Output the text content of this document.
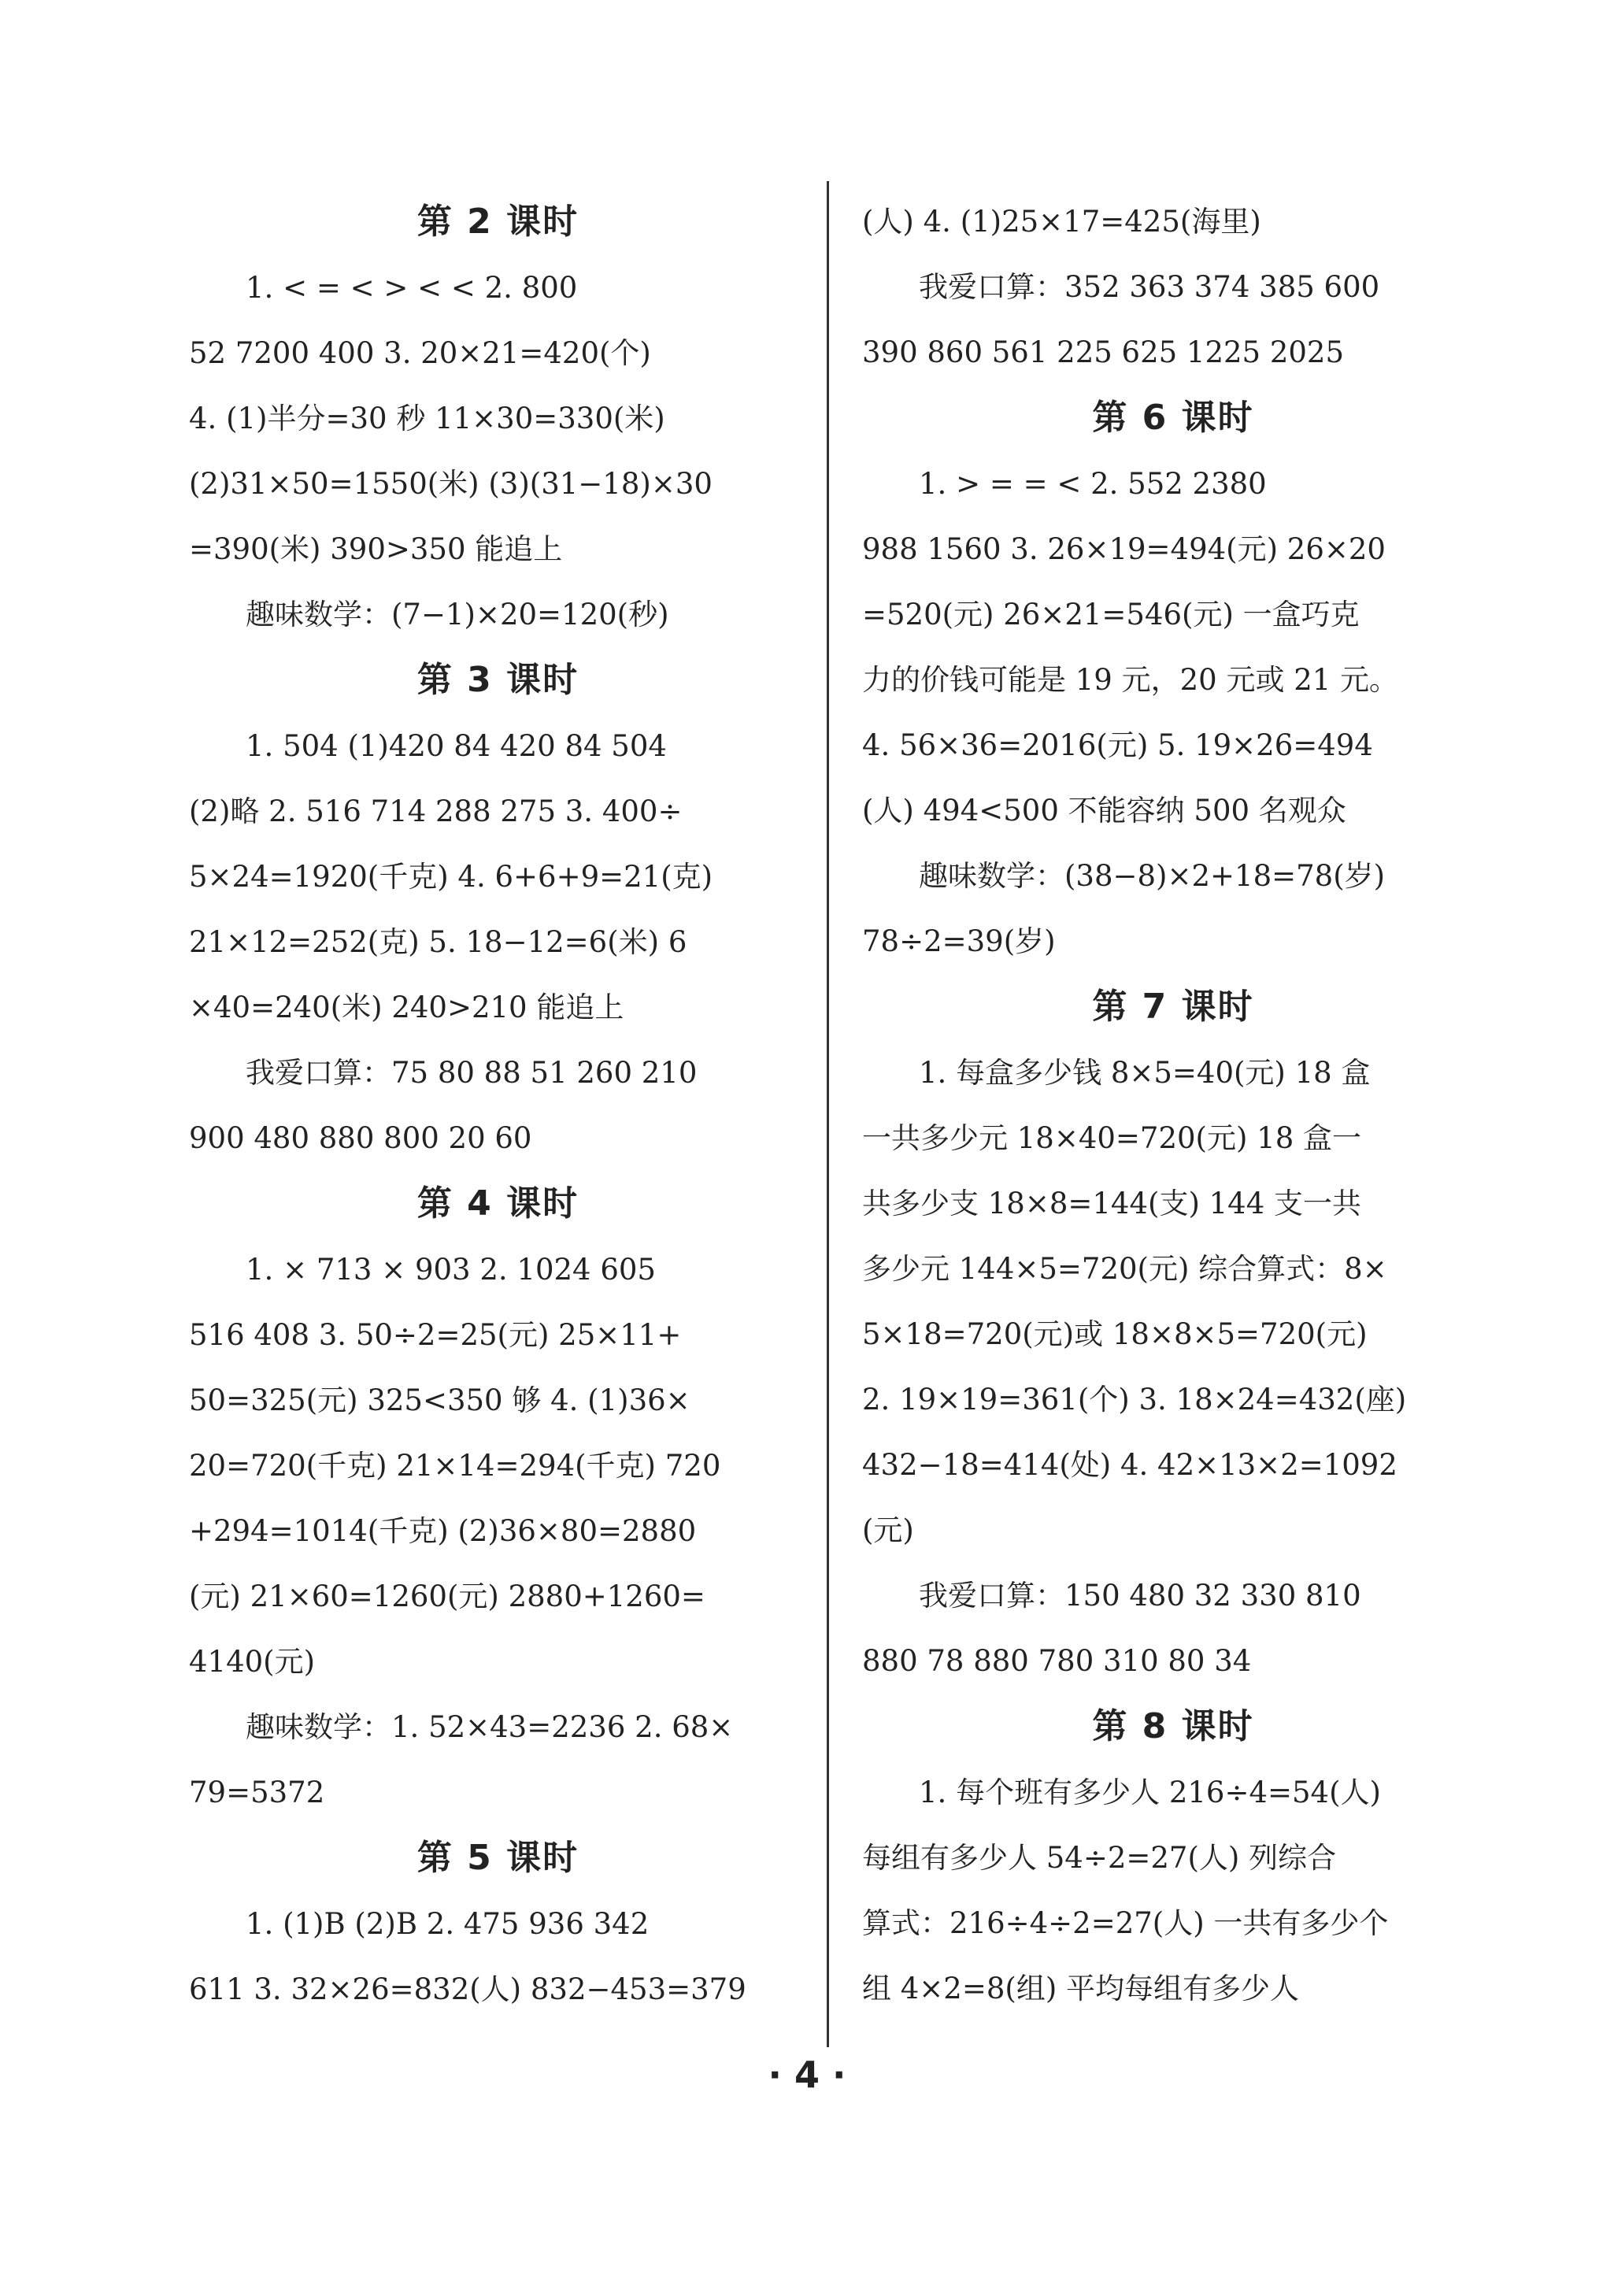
第 2 课时
1. < = < > < < 2. 800
52 7200 400 3. 20×21=420(个)
4. (1)半分=30 秒 11×30=330(米)
(2)31×50=1550(米) (3)(31−18)×30
=390(米) 390>350 能追上
趣味数学：(7−1)×20=120(秒)
第 3 课时
1. 504 (1)420 84 420 84 504
(2)略 2. 516 714 288 275 3. 400÷
5×24=1920(千克) 4. 6+6+9=21(克)
21×12=252(克) 5. 18−12=6(米) 6
×40=240(米) 240>210 能追上
我爱口算：75 80 88 51 260 210
900 480 880 800 20 60
第 4 课时
1. × 713 × 903 2. 1024 605
516 408 3. 50÷2=25(元) 25×11+
50=325(元) 325<350 够 4. (1)36×
20=720(千克) 21×14=294(千克) 720
+294=1014(千克) (2)36×80=2880
(元) 21×60=1260(元) 2880+1260=
4140(元)
趣味数学：1. 52×43=2236 2. 68×
79=5372
第 5 课时
1. (1)B (2)B 2. 475 936 342
611 3. 32×26=832(人) 832−453=379
(人) 4. (1)25×17=425(海里)
我爱口算：352 363 374 385 600
390 860 561 225 625 1225 2025
第 6 课时
1. > = = < 2. 552 2380
988 1560 3. 26×19=494(元) 26×20
=520(元) 26×21=546(元) 一盒巧克
力的价钱可能是 19 元，20 元或 21 元。
4. 56×36=2016(元) 5. 19×26=494
(人) 494<500 不能容纳 500 名观众
趣味数学：(38−8)×2+18=78(岁)
78÷2=39(岁)
第 7 课时
1. 每盒多少钱 8×5=40(元) 18 盒
一共多少元 18×40=720(元) 18 盒一
共多少支 18×8=144(支) 144 支一共
多少元 144×5=720(元) 综合算式：8×
5×18=720(元)或 18×8×5=720(元)
2. 19×19=361(个) 3. 18×24=432(座)
432−18=414(处) 4. 42×13×2=1092
(元)
我爱口算：150 480 32 330 810
880 78 880 780 310 80 34
第 8 课时
1. 每个班有多少人 216÷4=54(人)
每组有多少人 54÷2=27(人) 列综合
算式：216÷4÷2=27(人) 一共有多少个
组 4×2=8(组) 平均每组有多少人
· 4 ·
